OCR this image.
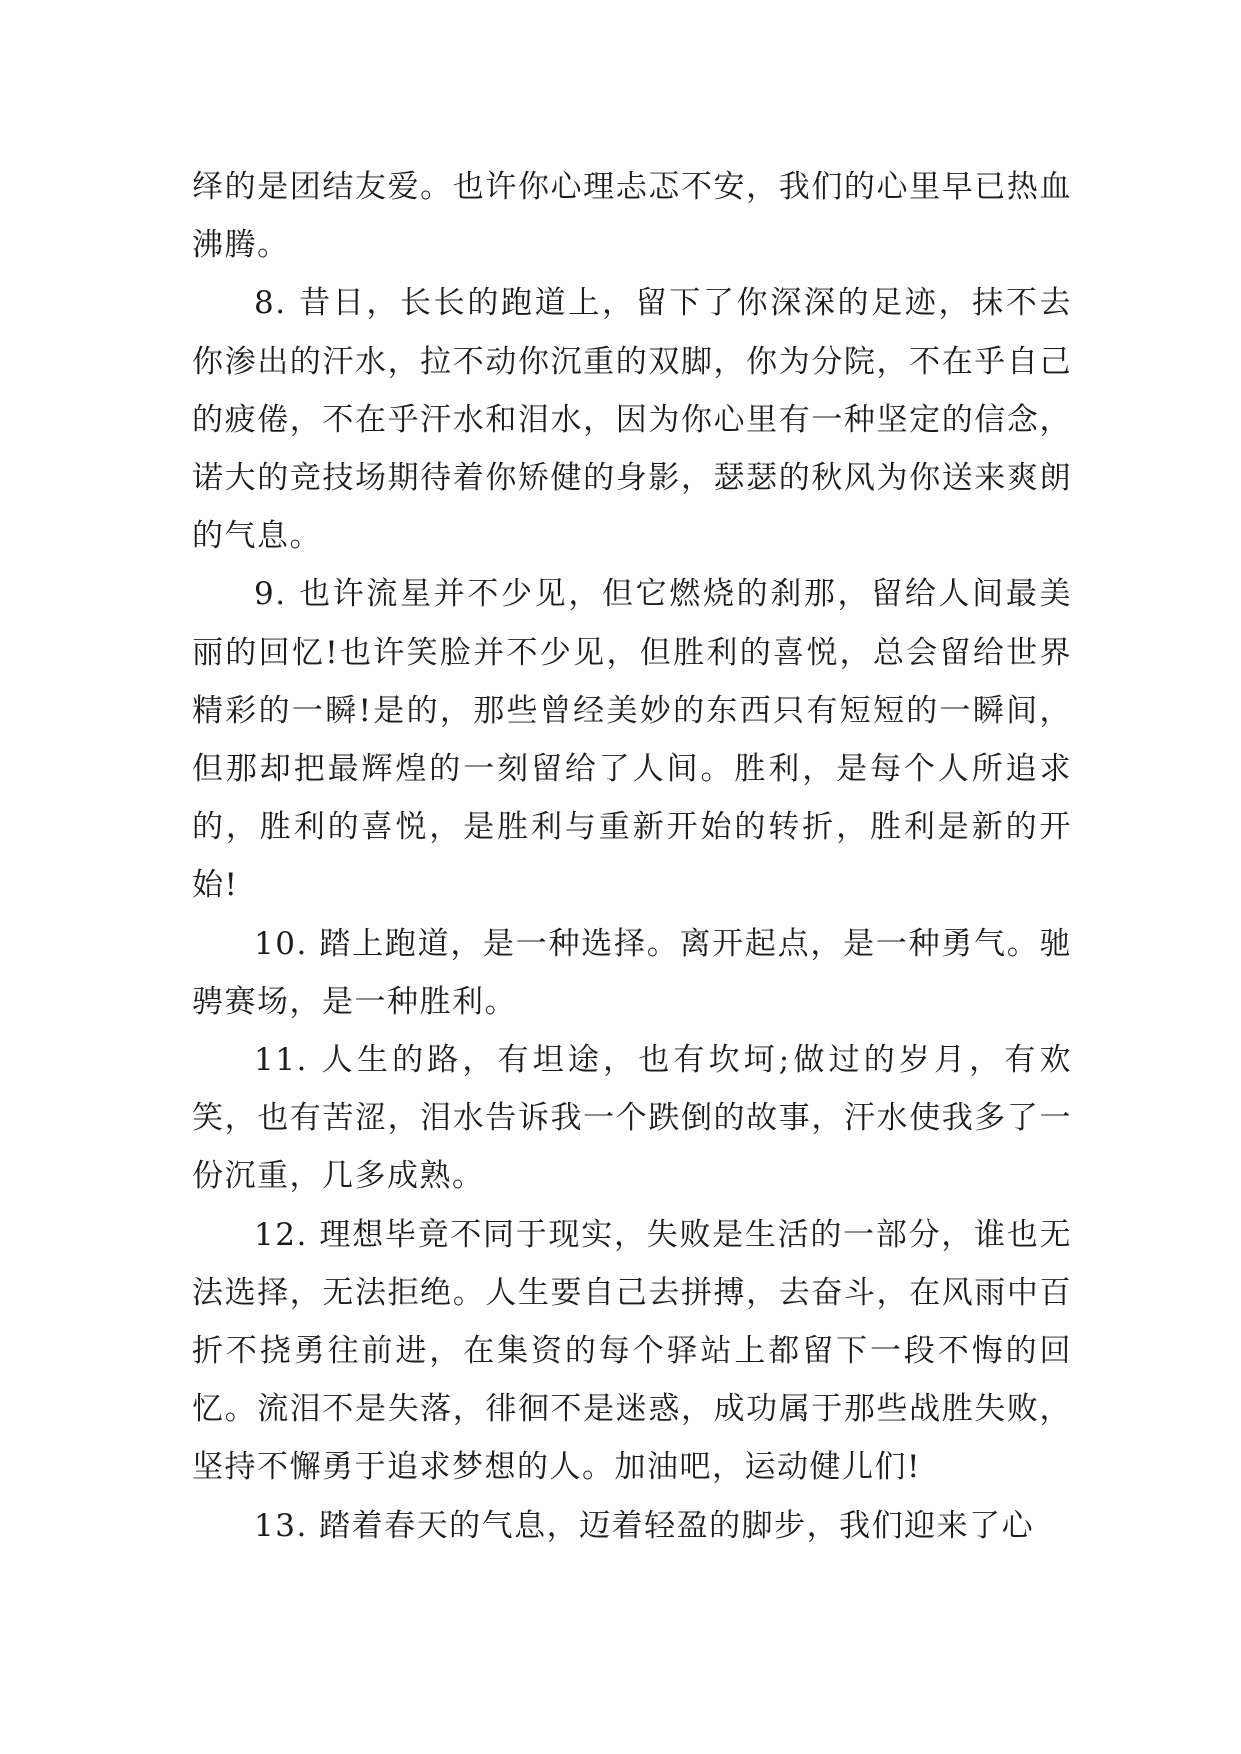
绎的是团结友爱。也许你心理忐忑不安，我们的心里早已热血沸腾。

8. 昔日，长长的跑道上，留下了你深深的足迹，抹不去你渗出的汗水，拉不动你沉重的双脚，你为分院，不在乎自己的疲倦，不在乎汗水和泪水，因为你心里有一种坚定的信念，诺大的竞技场期待着你矫健的身影，瑟瑟的秋风为你送来爽朗的气息。

9. 也许流星并不少见，但它燃烧的刹那，留给人间最美丽的回忆!也许笑脸并不少见，但胜利的喜悦，总会留给世界精彩的一瞬!是的，那些曾经美妙的东西只有短短的一瞬间，但那却把最辉煌的一刻留给了人间。胜利，是每个人所追求的，胜利的喜悦，是胜利与重新开始的转折，胜利是新的开始!

10. 踏上跑道，是一种选择。离开起点，是一种勇气。驰骋赛场，是一种胜利。

11. 人生的路，有坦途，也有坎坷;做过的岁月，有欢笑，也有苦涩，泪水告诉我一个跌倒的故事，汗水使我多了一份沉重，几多成熟。

12. 理想毕竟不同于现实，失败是生活的一部分，谁也无法选择，无法拒绝。人生要自己去拼搏，去奋斗，在风雨中百折不挠勇往前进，在集资的每个驿站上都留下一段不悔的回忆。流泪不是失落，徘徊不是迷惑，成功属于那些战胜失败，坚持不懈勇于追求梦想的人。加油吧，运动健儿们!

13. 踏着春天的气息，迈着轻盈的脚步，我们迎来了心
